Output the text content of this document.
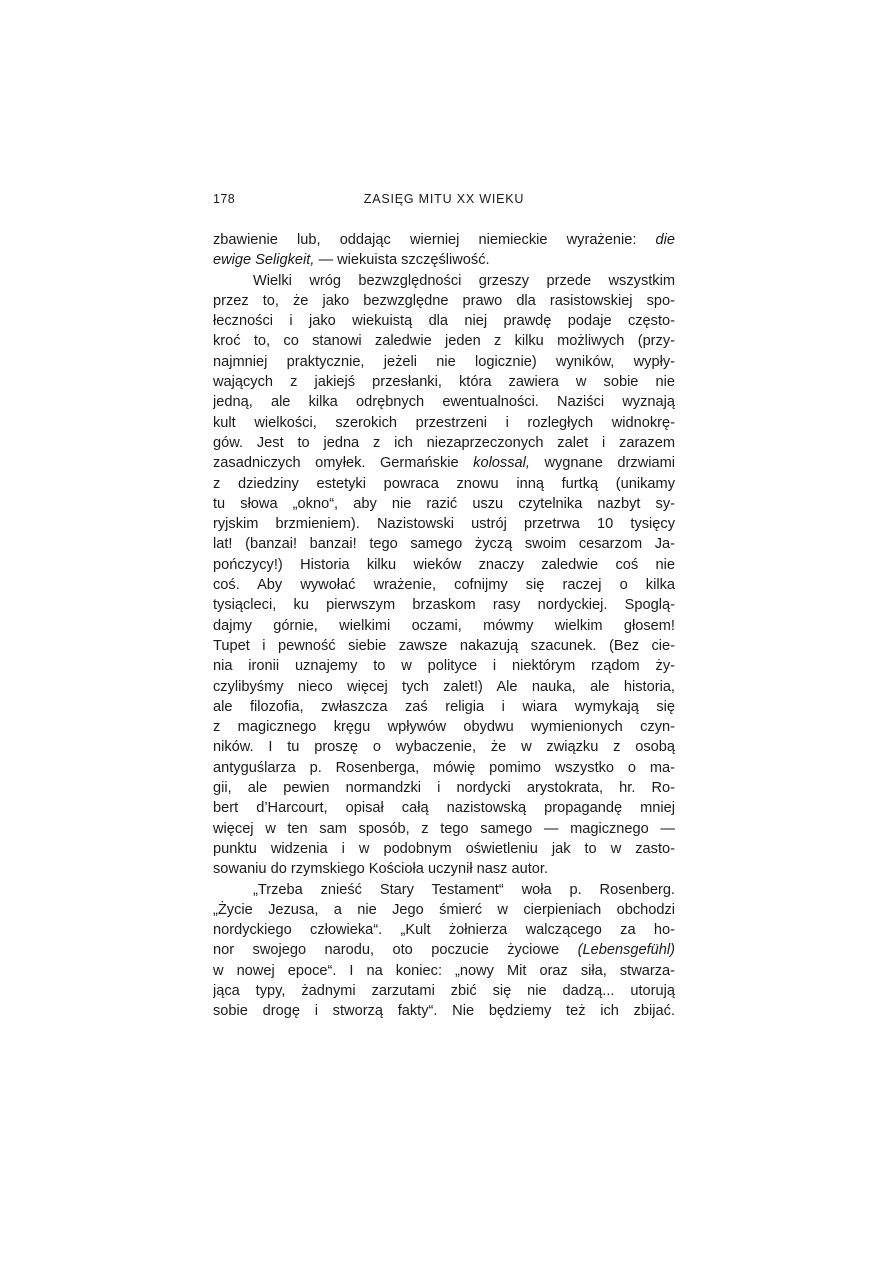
178	ZASIĘG MITU XX WIEKU
zbawienie lub, oddając wierniej niemieckie wyrażenie: die
ewige Seligkeit, — wiekuista szczęśliwość.
Wielki wróg bezwzględności grzeszy przede wszystkim
przez to, że jako bezwzględne prawo dla rasistowskiej spo-
łeczności i jako wiekuistą dla niej prawdę podaje często-
kroć to, co stanowi zaledwie jeden z kilku możliwych (przy-
najmniej praktycznie, jeżeli nie logicznie) wyników, wypły-
wających z jakiejś przesłanki, która zawiera w sobie nie
jedną, ale kilka odrębnych ewentualności. Naziści wyznają
kult wielkości, szerokich przestrzeni i rozległych widnokrę-
gów. Jest to jedna z ich niezaprzeczonych zalet i zarazem
zasadniczych omyłek. Germańskie kolossal, wygnane drzwiami
z dziedziny estetyki powraca znowu inną furtką (unikamy
tu słowa „okno“, aby nie razić uszu czytelnika nazbyt sy-
ryjskim brzmieniem). Nazistowski ustrój przetrwa 10 tysięcy
lat! (banzai! banzai! tego samego życzą swoim cesarzom Ja-
pończycy!) Historia kilku wieków znaczy zaledwie coś nie
coś. Aby wywołać wrażenie, cofnijmy się raczej o kilka
tysiącleci, ku pierwszym brzaskom rasy nordyckiej. Spoglą-
dajmy górnie, wielkimi oczami, mówmy wielkim głosem!
Tupet i pewność siebie zawsze nakazują szacunek. (Bez cie-
nia ironii uznajemy to w polityce i niektórym rządom ży-
czylibyśmy nieco więcej tych zalet!) Ale nauka, ale historia,
ale filozofia, zwłaszcza zaś religia i wiara wymykają się
z magicznego kręgu wpływów obydwu wymienionych czyn-
ników. I tu proszę o wybaczenie, że w związku z osobą
antyguślarza p. Rosenberga, mówię pomimo wszystko o ma-
gii, ale pewien normandzki i nordycki arystokrata, hr. Ro-
bert d’Harcourt, opisał całą nazistowską propagandę mniej
więcej w ten sam sposób, z tego samego — magicznego —
punktu widzenia i w podobnym oświetleniu jak to w zasto-
sowaniu do rzymskiego Kościoła uczynił nasz autor.
„Trzeba znieść Stary Testament“ woła p. Rosenberg.
„Życie Jezusa, a nie Jego śmierć w cierpieniach obchodzi
nordyckiego człowieka“. „Kult żołnierza walczącego za ho-
nor swojego narodu, oto poczucie życiowe (Lebensgefühl)
w nowej epoce“. I na koniec: „nowy Mit oraz siła, stwarza-
jąca typy, żadnymi zarzutami zbić się nie dadzą... utorują
sobie drogę i stworzą fakty“. Nie będziemy też ich zbijać.
